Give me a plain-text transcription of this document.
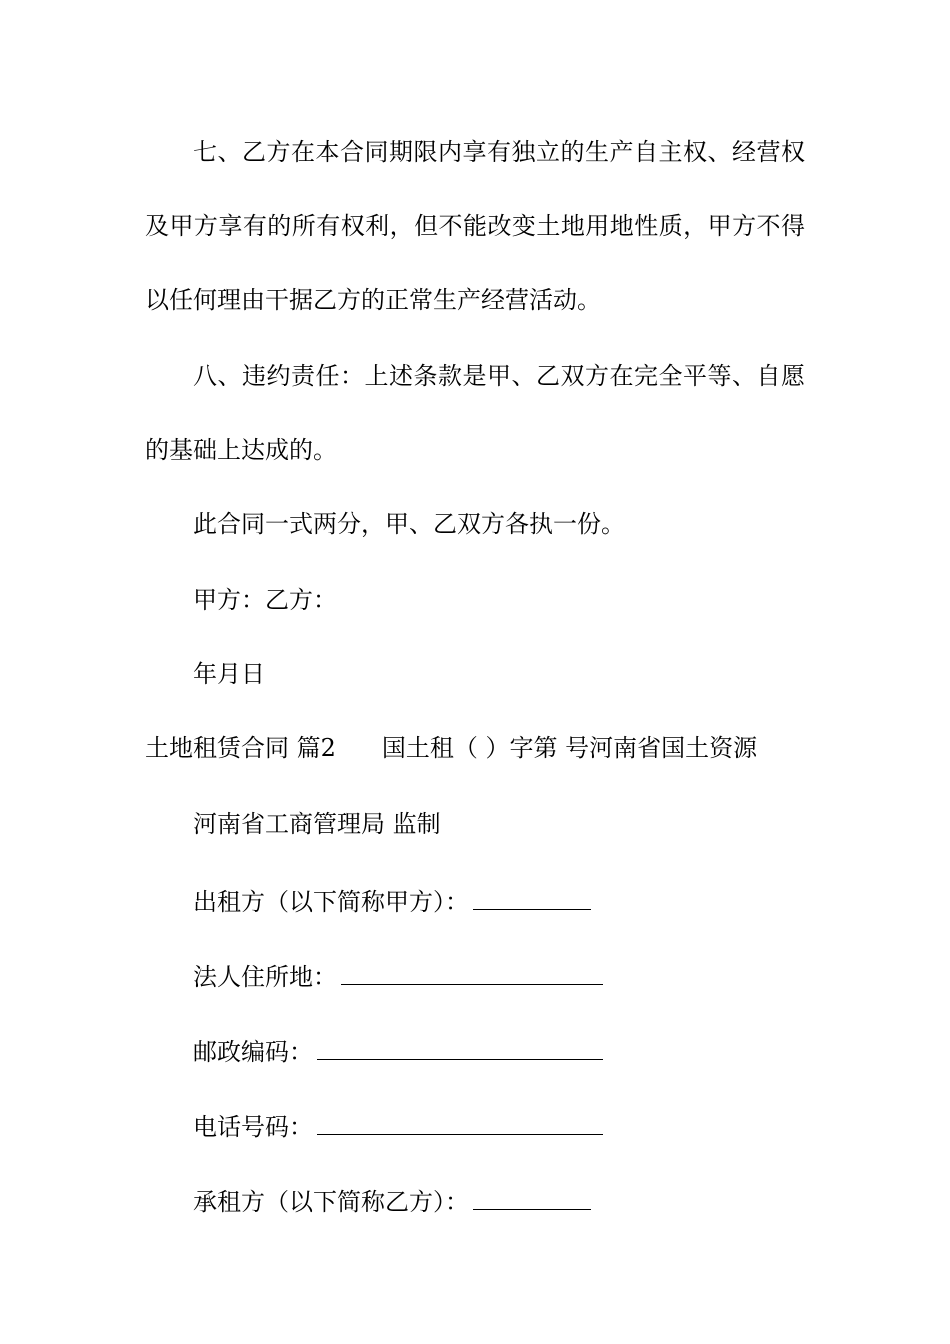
七、乙方在本合同期限内享有独立的生产自主权、经营权
及甲方享有的所有权利，但不能改变土地用地性质，甲方不得
以任何理由干据乙方的正常生产经营活动。
八、违约责任：上述条款是甲、乙双方在完全平等、自愿
的基础上达成的。
此合同一式两分，甲、乙双方各执一份。
甲方：乙方：
年月日
土地租赁合同 篇2 国土租（ ）字第 号河南省国土资源
河南省工商管理局 监制
出租方（以下简称甲方）：
法人住所地：
邮政编码：
电话号码：
承租方（以下简称乙方）：
